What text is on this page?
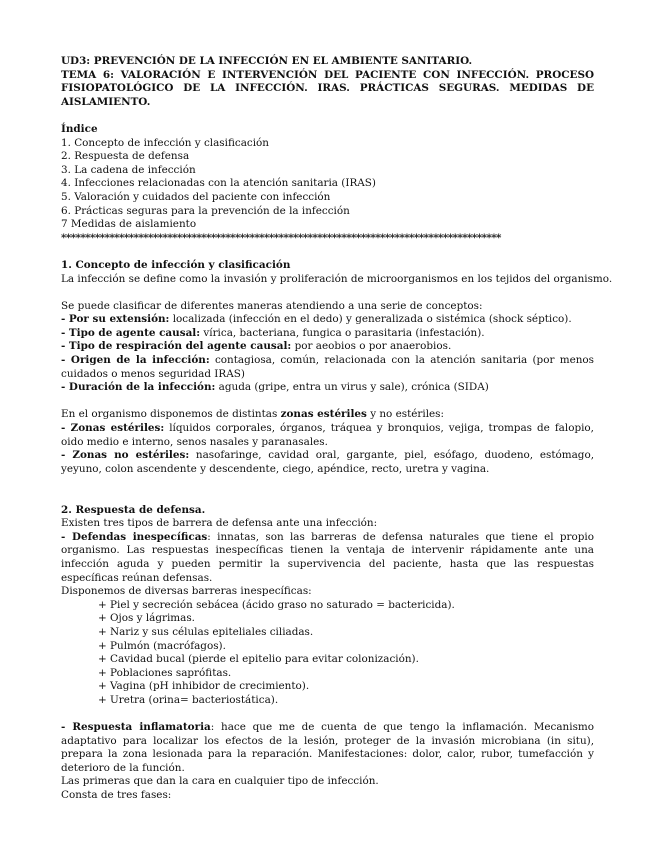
UD3: PREVENCIÓN DE LA INFECCIÓN EN EL AMBIENTE SANITARIO.
TEMA 6: VALORACIÓN E INTERVENCIÓN DEL PACIENTE CON INFECCIÓN. PROCESO FISIOPATOLÓGICO DE LA INFECCIÓN. IRAS. PRÁCTICAS SEGURAS. MEDIDAS DE AISLAMIENTO.
Índice
1. Concepto de infección y clasificación
2. Respuesta de defensa
3. La cadena de infección
4. Infecciones relacionadas con la atención sanitaria (IRAS)
5. Valoración y cuidados del paciente con infección
6. Prácticas seguras para la prevención de la infección
7 Medidas de aislamiento
*******************************************************************************************
1. Concepto de infección y clasificación
La infección se define como la invasión y proliferación de microorganismos en los tejidos del organismo.
Se puede clasificar de diferentes maneras atendiendo a una serie de conceptos:
- Por su extensión: localizada (infección en el dedo) y generalizada o sistémica (shock séptico).
- Tipo de agente causal: vírica, bacteriana, fungica o parasitaria (infestación).
- Tipo de respiración del agente causal: por aeobios o por anaerobios.
- Origen de la infección: contagiosa, común, relacionada con la atención sanitaria (por menos cuidados o menos seguridad IRAS)
- Duración de la infección: aguda (gripe, entra un virus y sale), crónica (SIDA)
En el organismo disponemos de distintas zonas estériles y no estériles:
- Zonas estériles: líquidos corporales, órganos, tráquea y bronquios, vejiga, trompas de falopio, oido medio e interno, senos nasales y paranasales.
- Zonas no estériles: nasofaringe, cavidad oral, gargante, piel, esófago, duodeno, estómago, yeyuno, colon ascendente y descendente, ciego, apéndice, recto, uretra y vagina.
2. Respuesta de defensa.
Existen tres tipos de barrera de defensa ante una infección:
- Defendas inespecíficas: innatas, son las barreras de defensa naturales que tiene el propio organismo. Las respuestas inespecíficas tienen la ventaja de intervenir rápidamente ante una infección aguda y pueden permitir la supervivencia del paciente, hasta que las respuestas específicas reúnan defensas.
Disponemos de diversas barreras inespecíficas:
+ Piel y secreción sebácea (ácido graso no saturado = bactericida).
+ Ojos y lágrimas.
+ Nariz y sus células epiteliales ciliadas.
+ Pulmón (macrófagos).
+ Cavidad bucal (pierde el epitelio para evitar colonización).
+ Poblaciones saprófitas.
+ Vagina (pH inhibidor de crecimiento).
+ Uretra (orina= bacteriostática).
- Respuesta inflamatoria: hace que me de cuenta de que tengo la inflamación. Mecanismo adaptativo para localizar los efectos de la lesión, proteger de la invasión microbiana (in situ), prepara la zona lesionada para la reparación. Manifestaciones: dolor, calor, rubor, tumefacción y deterioro de la función.
Las primeras que dan la cara en cualquier tipo de infección.
Consta de tres fases:
